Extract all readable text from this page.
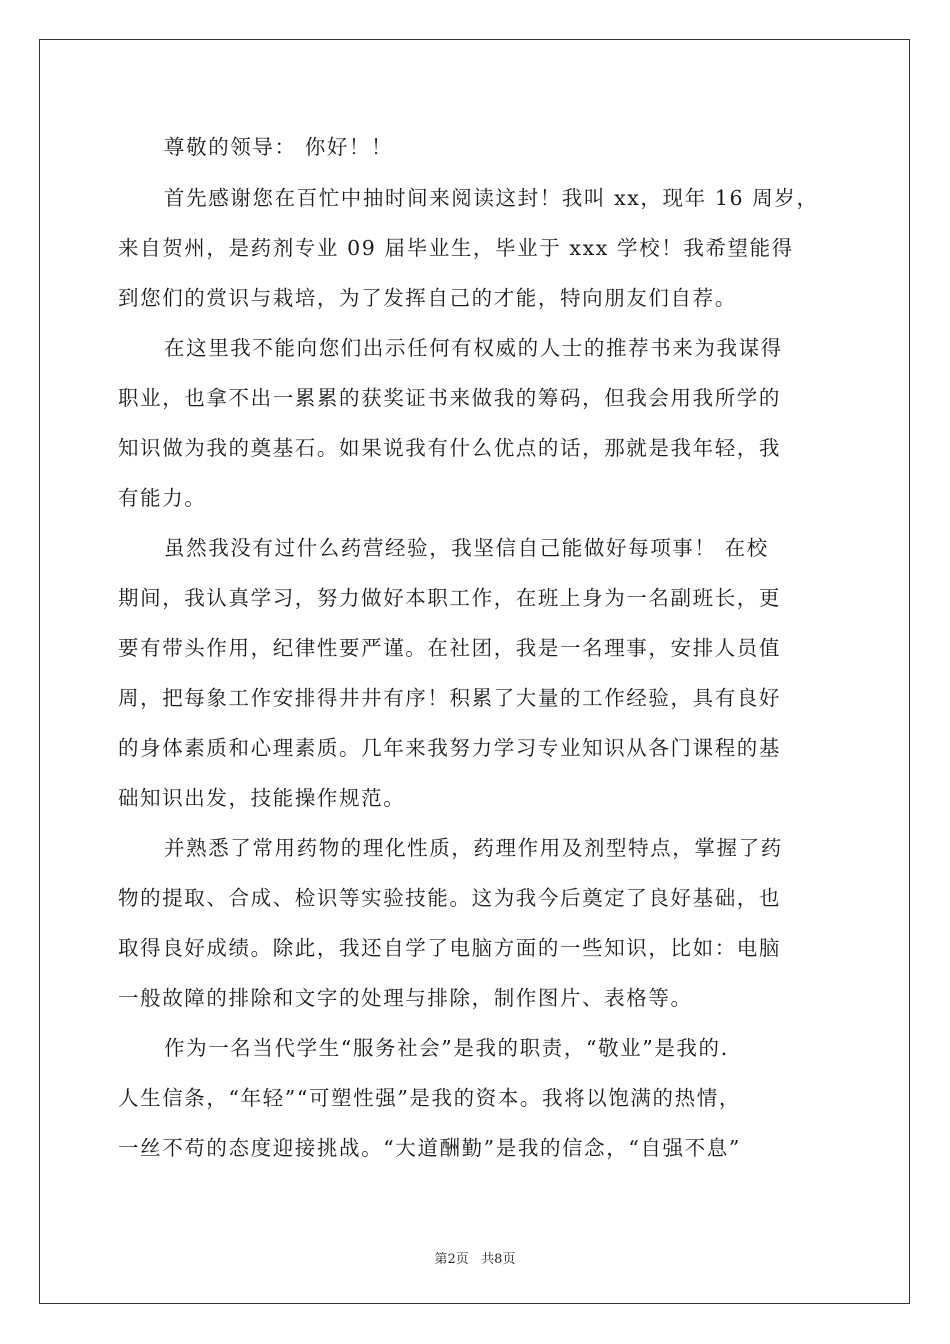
尊敬的领导： 你好！！
首先感谢您在百忙中抽时间来阅读这封！我叫 xx，现年 16 周岁，
来自贺州，是药剂专业 09 届毕业生，毕业于 xxx 学校！我希望能得
到您们的赏识与栽培，为了发挥自己的才能，特向朋友们自荐。
在这里我不能向您们出示任何有权威的人士的推荐书来为我谋得
职业，也拿不出一累累的获奖证书来做我的筹码，但我会用我所学的
知识做为我的奠基石。如果说我有什么优点的话，那就是我年轻，我
有能力。
虽然我没有过什么药营经验，我坚信自己能做好每项事！ 在校
期间，我认真学习，努力做好本职工作，在班上身为一名副班长，更
要有带头作用，纪律性要严谨。在社团，我是一名理事，安排人员值
周，把每象工作安排得井井有序！积累了大量的工作经验，具有良好
的身体素质和心理素质。几年来我努力学习专业知识从各门课程的基
础知识出发，技能操作规范。
并熟悉了常用药物的理化性质，药理作用及剂型特点，掌握了药
物的提取、合成、检识等实验技能。这为我今后奠定了良好基础，也
取得良好成绩。除此，我还自学了电脑方面的一些知识，比如：电脑
一般故障的排除和文字的处理与排除，制作图片、表格等。
作为一名当代学生“服务社会”是我的职责，“敬业”是我的.
人生信条，“年轻”“可塑性强”是我的资本。我将以饱满的热情，
一丝不苟的态度迎接挑战。“大道酬勤”是我的信念，“自强不息”
第2页   共8页
